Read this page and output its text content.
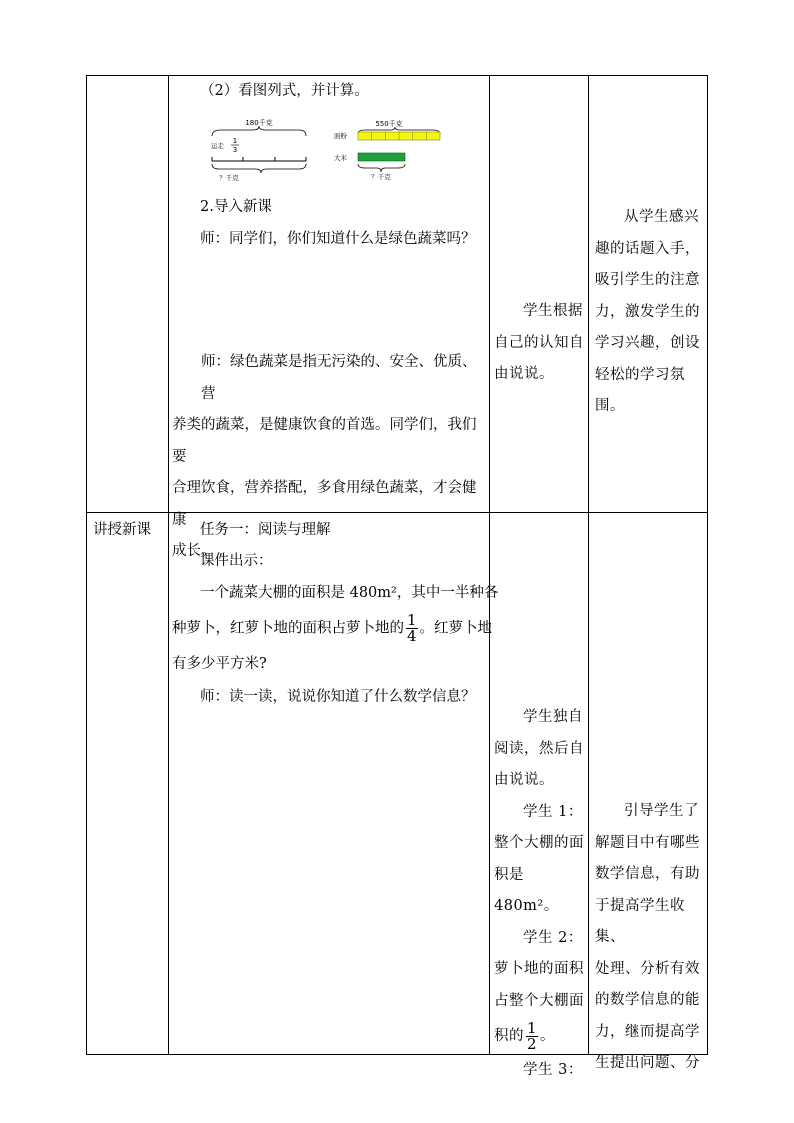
（2）看图列式，并计算。
180千克
运走
1
3
？千克
550千克
面粉
大米
？千克
2.导入新课
师：同学们，你们知道什么是绿色蔬菜吗？
师：绿色蔬菜是指无污染的、安全、优质、营
养类的蔬菜，是健康饮食的首选。同学们，我们要
合理饮食，营养搭配，多食用绿色蔬菜，才会健康
成长。
学生根据
自己的认知自
由说说。
从学生感兴
趣的话题入手，
吸引学生的注意
力，激发学生的
学习兴趣，创设
轻松的学习氛围。
讲授新课	任务一：阅读与理解
课件出示：
一个蔬菜大棚的面积是 480m²，其中一半种各
种萝卜，红萝卜地的面积占萝卜地的 $\frac{1}{4}$ 。红萝卜地
有多少平方米?
师：读一读，说说你知道了什么数学信息？
学生独自
阅读，然后自
由说说。
学生 1：
整个大棚的面
积是 480m²。
学生 2：
萝卜地的面积
占整个大棚面
积的 $\frac{1}{2}$ 。
学生 3：
引导学生了
解题目中有哪些
数学信息，有助
于提高学生收集、
处理、分析有效
的数学信息的能
力，继而提高学
生提出问题、分
